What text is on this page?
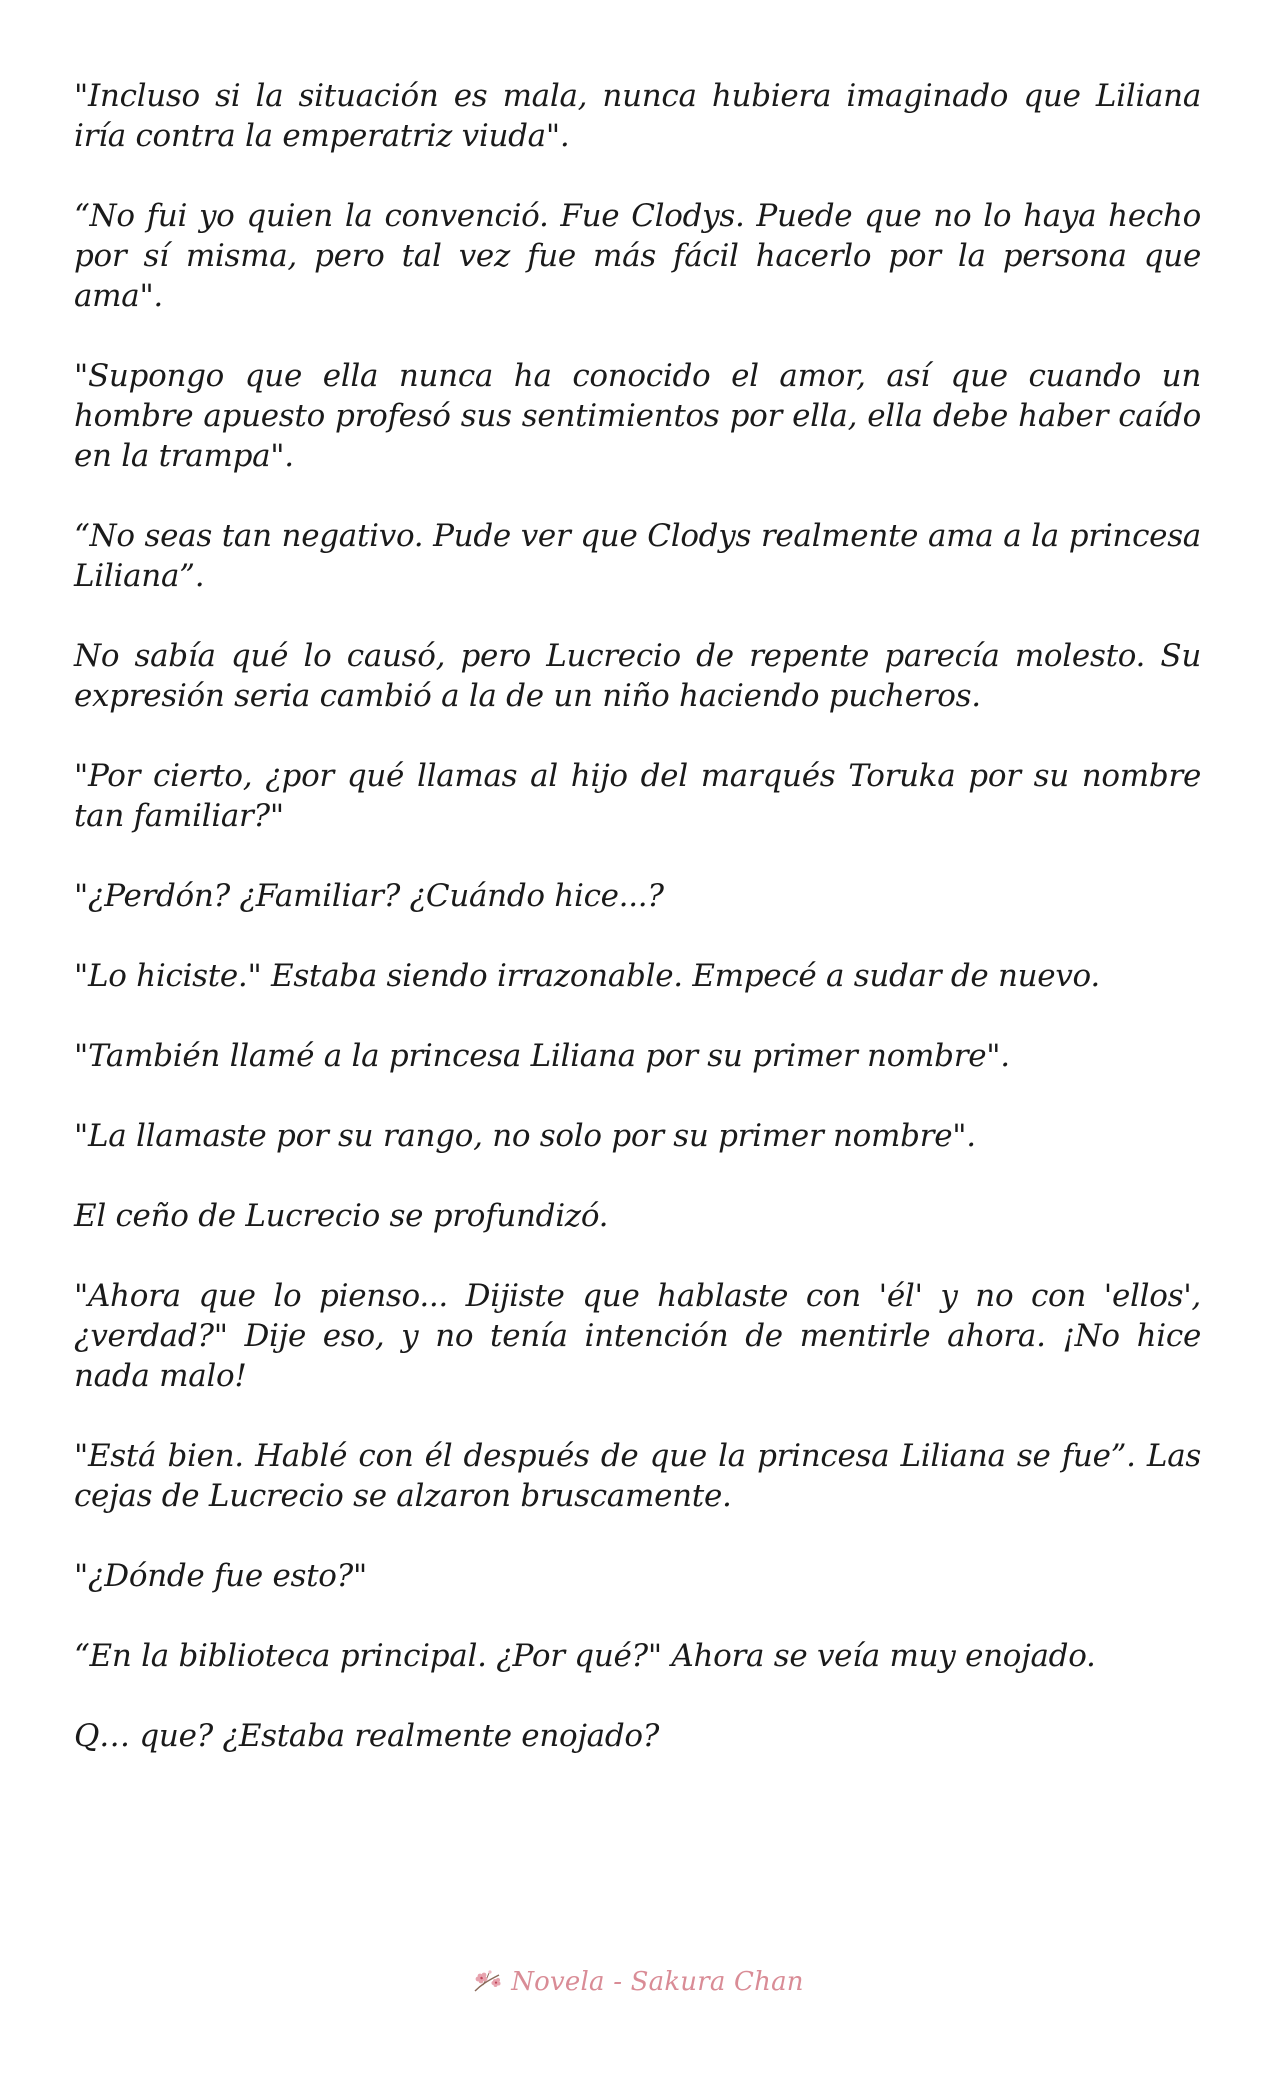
"Incluso si la situación es mala, nunca hubiera imaginado que Liliana iría contra la emperatriz viuda".

“No fui yo quien la convenció. Fue Clodys. Puede que no lo haya hecho por sí misma, pero tal vez fue más fácil hacerlo por la persona que ama".

"Supongo que ella nunca ha conocido el amor, así que cuando un hombre apuesto profesó sus sentimientos por ella, ella debe haber caído en la trampa".

“No seas tan negativo. Pude ver que Clodys realmente ama a la princesa Liliana”.

No sabía qué lo causó, pero Lucrecio de repente parecía molesto. Su expresión seria cambió a la de un niño haciendo pucheros.

"Por cierto, ¿por qué llamas al hijo del marqués Toruka por su nombre tan familiar?"

"¿Perdón? ¿Familiar? ¿Cuándo hice...?

"Lo hiciste." Estaba siendo irrazonable. Empecé a sudar de nuevo.

"También llamé a la princesa Liliana por su primer nombre".

"La llamaste por su rango, no solo por su primer nombre".

El ceño de Lucrecio se profundizó.

"Ahora que lo pienso... Dijiste que hablaste con 'él' y no con 'ellos', ¿verdad?" Dije eso, y no tenía intención de mentirle ahora. ¡No hice nada malo!

"Está bien. Hablé con él después de que la princesa Liliana se fue”. Las cejas de Lucrecio se alzaron bruscamente.

"¿Dónde fue esto?"

“En la biblioteca principal. ¿Por qué?" Ahora se veía muy enojado.

Q… que? ¿Estaba realmente enojado?

Novela - Sakura Chan
